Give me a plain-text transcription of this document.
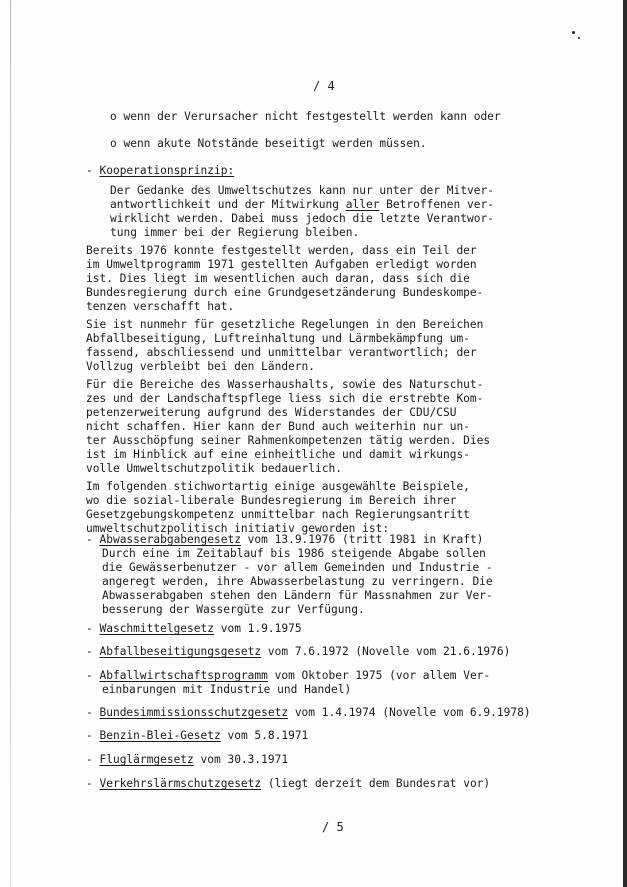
/ 4
o wenn der Verursacher nicht festgestellt werden kann oder
o wenn akute Notstände beseitigt werden müssen.
- Kooperationsprinzip:
Der Gedanke des Umweltschutzes kann nur unter der Mitver-
antwortlichkeit und der Mitwirkung aller Betroffenen ver-
wirklicht werden. Dabei muss jedoch die letzte Verantwor-
tung immer bei der Regierung bleiben.
Bereits 1976 konnte festgestellt werden, dass ein Teil der
im Umweltprogramm 1971 gestellten Aufgaben erledigt worden
ist. Dies liegt im wesentlichen auch daran, dass sich die
Bundesregierung durch eine Grundgesetzänderung Bundeskompe-
tenzen verschafft hat.
Sie ist nunmehr für gesetzliche Regelungen in den Bereichen
Abfallbeseitigung, Luftreinhaltung und Lärmbekämpfung um-
fassend, abschliessend und unmittelbar verantwortlich; der
Vollzug verbleibt bei den Ländern.
Für die Bereiche des Wasserhaushalts, sowie des Naturschut-
zes und der Landschaftspflege liess sich die erstrebte Kom-
petenzerweiterung aufgrund des Widerstandes der CDU/CSU
nicht schaffen. Hier kann der Bund auch weiterhin nur un-
ter Ausschöpfung seiner Rahmenkompetenzen tätig werden. Dies
ist im Hinblick auf eine einheitliche und damit wirkungs-
Im folgenden stichwortartig einige ausgewählte Beispiele,
wo die sozial-liberale Bundesregierung im Bereich ihrer
Gesetzgebungskompetenz unmittelbar nach Regierungsantritt
umweltschutzpolitisch initiativ geworden ist:
- Abwasserabgabengesetz vom 13.9.1976 (tritt 1981 in Kraft)
Durch eine im Zeitablauf bis 1986 steigende Abgabe sollen
die Gewässerbenutzer - vor allem Gemeinden und Industrie -
angeregt werden, ihre Abwasserbelastung zu verringern. Die
Abwasserabgaben stehen den Ländern für Massnahmen zur Ver-
besserung der Wassergüte zur Verfügung.
- Waschmittelgesetz vom 1.9.1975
- Abfallbeseitigungsgesetz vom 7.6.1972 (Novelle vom 21.6.1976)
- Abfallwirtschaftsprogramm vom Oktober 1975 (vor allem Ver-
einbarungen mit Industrie und Handel)
- Bundesimmissionsschutzgesetz vom 1.4.1974 (Novelle vom 6.9.1978)
- Benzin-Blei-Gesetz vom 5.8.1971
- Fluglärmgesetz vom 30.3.1971
- Verkehrslärmschutzgesetz (liegt derzeit dem Bundesrat vor)
/ 5
volle Umweltschutzpolitik bedauerlich.
